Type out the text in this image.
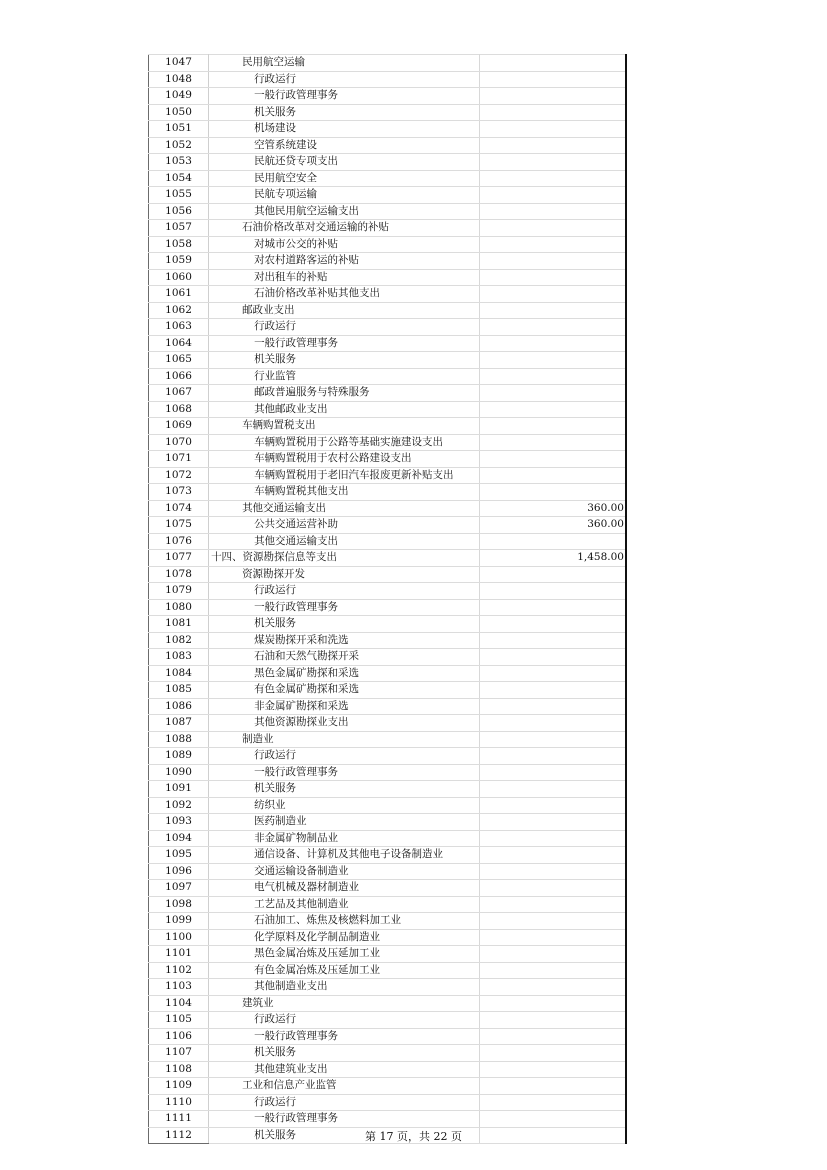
1047	民用航空运输	
1048	行政运行	
1049	一般行政管理事务	
1050	机关服务	
1051	机场建设	
1052	空管系统建设	
1053	民航还贷专项支出	
1054	民用航空安全	
1055	民航专项运输	
1056	其他民用航空运输支出	
1057	石油价格改革对交通运输的补贴	
1058	对城市公交的补贴	
1059	对农村道路客运的补贴	
1060	对出租车的补贴	
1061	石油价格改革补贴其他支出	
1062	邮政业支出	
1063	行政运行	
1064	一般行政管理事务	
1065	机关服务	
1066	行业监管	
1067	邮政普遍服务与特殊服务	
1068	其他邮政业支出	
1069	车辆购置税支出	
1070	车辆购置税用于公路等基础实施建设支出	
1071	车辆购置税用于农村公路建设支出	
1072	车辆购置税用于老旧汽车报废更新补贴支出	
1073	车辆购置税其他支出	
1074	其他交通运输支出	360.00
1075	公共交通运营补助	360.00
1076	其他交通运输支出	
1077	十四、资源勘探信息等支出	1,458.00
1078	资源勘探开发	
1079	行政运行	
1080	一般行政管理事务	
1081	机关服务	
1082	煤炭勘探开采和洗选	
1083	石油和天然气勘探开采	
1084	黑色金属矿勘探和采选	
1085	有色金属矿勘探和采选	
1086	非金属矿勘探和采选	
1087	其他资源勘探业支出	
1088	制造业	
1089	行政运行	
1090	一般行政管理事务	
1091	机关服务	
1092	纺织业	
1093	医药制造业	
1094	非金属矿物制品业	
1095	通信设备、计算机及其他电子设备制造业	
1096	交通运输设备制造业	
1097	电气机械及器材制造业	
1098	工艺品及其他制造业	
1099	石油加工、炼焦及核燃料加工业	
1100	化学原料及化学制品制造业	
1101	黑色金属冶炼及压延加工业	
1102	有色金属冶炼及压延加工业	
1103	其他制造业支出	
1104	建筑业	
1105	行政运行	
1106	一般行政管理事务	
1107	机关服务	
1108	其他建筑业支出	
1109	工业和信息产业监管	
1110	行政运行	
1111	一般行政管理事务	
1112	机关服务		第 17 页，共 22 页
